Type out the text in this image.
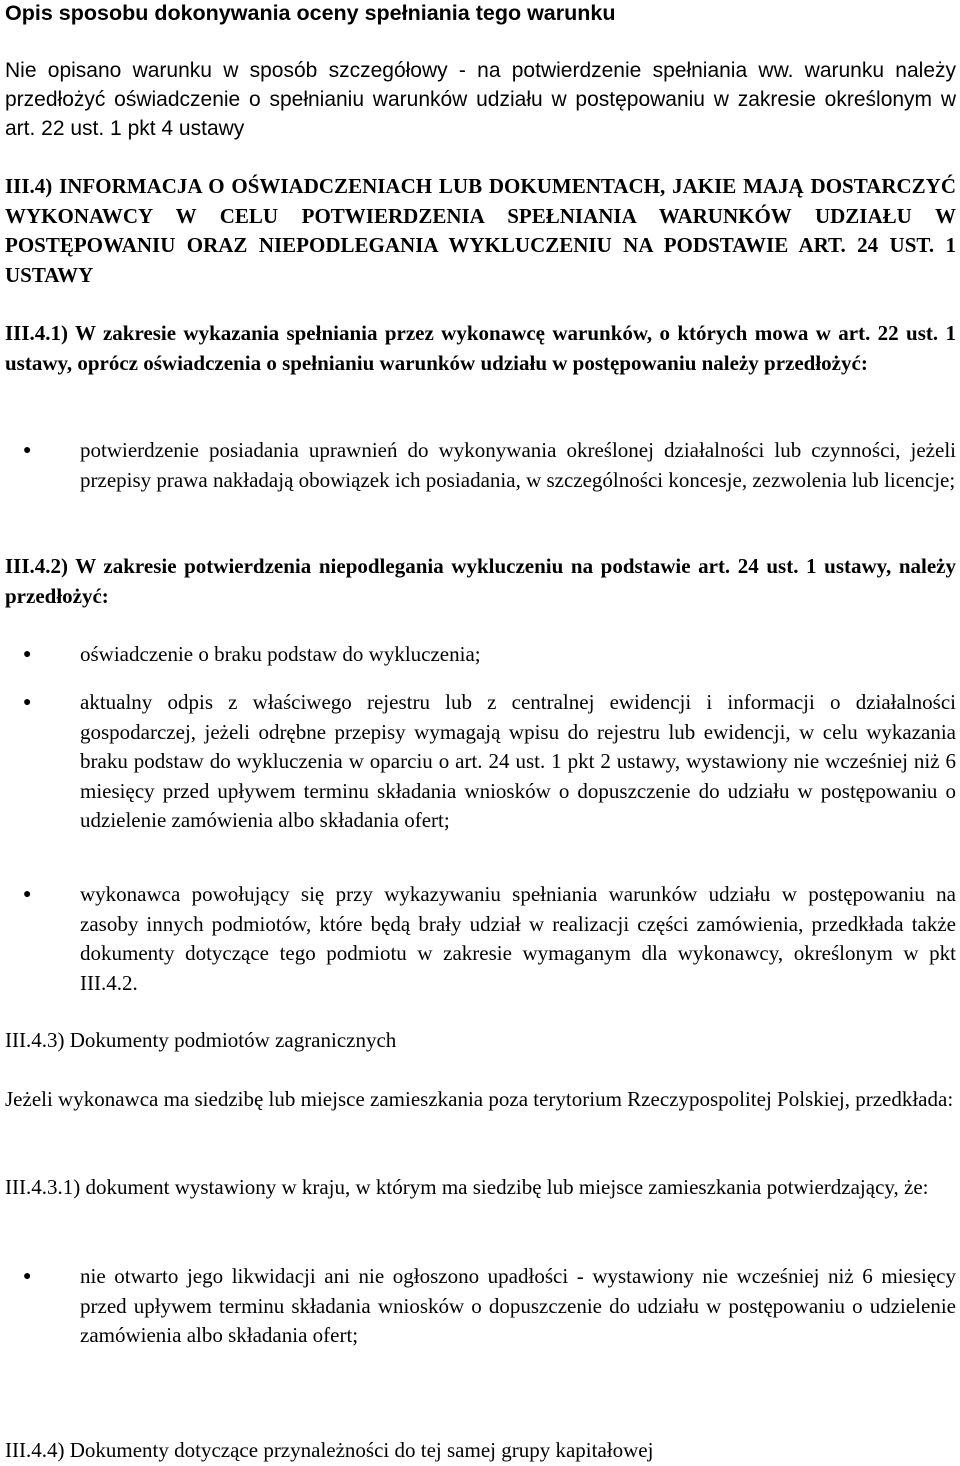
Opis sposobu dokonywania oceny spełniania tego warunku
Nie opisano warunku w sposób szczegółowy - na potwierdzenie spełniania ww. warunku należy przedłożyć oświadczenie o spełnianiu warunków udziału w postępowaniu w zakresie określonym w art. 22 ust. 1 pkt 4 ustawy
III.4) INFORMACJA O OŚWIADCZENIACH LUB DOKUMENTACH, JAKIE MAJĄ DOSTARCZYĆ WYKONAWCY W CELU POTWIERDZENIA SPEŁNIANIA WARUNKÓW UDZIAŁU W POSTĘPOWANIU ORAZ NIEPODLEGANIA WYKLUCZENIU NA PODSTAWIE ART. 24 UST. 1 USTAWY
III.4.1) W zakresie wykazania spełniania przez wykonawcę warunków, o których mowa w art. 22 ust. 1 ustawy, oprócz oświadczenia o spełnianiu warunków udziału w postępowaniu należy przedłożyć:
● potwierdzenie posiadania uprawnień do wykonywania określonej działalności lub czynności, jeżeli przepisy prawa nakładają obowiązek ich posiadania, w szczególności koncesje, zezwolenia lub licencje;
III.4.2) W zakresie potwierdzenia niepodlegania wykluczeniu na podstawie art. 24 ust. 1 ustawy, należy przedłożyć:
● oświadczenie o braku podstaw do wykluczenia;
● aktualny odpis z właściwego rejestru lub z centralnej ewidencji i informacji o działalności gospodarczej, jeżeli odrębne przepisy wymagają wpisu do rejestru lub ewidencji, w celu wykazania braku podstaw do wykluczenia w oparciu o art. 24 ust. 1 pkt 2 ustawy, wystawiony nie wcześniej niż 6 miesięcy przed upływem terminu składania wniosków o dopuszczenie do udziału w postępowaniu o udzielenie zamówienia albo składania ofert;
● wykonawca powołujący się przy wykazywaniu spełniania warunków udziału w postępowaniu na zasoby innych podmiotów, które będą brały udział w realizacji części zamówienia, przedkłada także dokumenty dotyczące tego podmiotu w zakresie wymaganym dla wykonawcy, określonym w pkt III.4.2.
III.4.3) Dokumenty podmiotów zagranicznych
Jeżeli wykonawca ma siedzibę lub miejsce zamieszkania poza terytorium Rzeczypospolitej Polskiej, przedkłada:
III.4.3.1) dokument wystawiony w kraju, w którym ma siedzibę lub miejsce zamieszkania potwierdzający, że:
● nie otwarto jego likwidacji ani nie ogłoszono upadłości - wystawiony nie wcześniej niż 6 miesięcy przed upływem terminu składania wniosków o dopuszczenie do udziału w postępowaniu o udzielenie zamówienia albo składania ofert;
III.4.4) Dokumenty dotyczące przynależności do tej samej grupy kapitałowej
